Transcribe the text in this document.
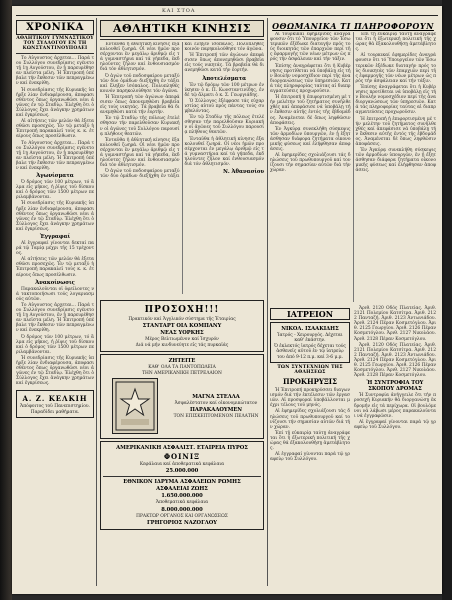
ΚΑΙ ΣΤΟΑ
ΧΡΟΝΙΚΑ
ΑΘΛΗΤΙΚΟΥ ΓΥΜΝΑΣΤΙΚΟΥ ΤΟΥ ΣΥΛΛΟΓΟΥ ΕΝ ΤΗ ΚΩΝΣΤΑΝΤΙΝΟΥΠΟΛΕΙ

Το Αὐγουστος ἀρχεται... Παρά του Συλλόγου συνεδρίασις εγένετο τῇ 1ῃ Αυγούστου, ἐν ᾗ παρευρέθησαν πλεῖστα μέλη. Ἡ Ἐπιτροπή ὑπέβαλε τήν ἔκθεσιν τῶν πεπραγμένων καί ἐνεκρίθη.

Ἡ συνεδρίασις τῆς Κυριακῆς ὑπῆρξε λίαν ἐνδιαφέρουσα, ἀποφασισθέντος ὅπως ὀργανωθῶσι νέοι ἀγῶνες ἐν τῷ Σταδίῳ. Ἐλέχθη ὅτι ὁ Σύλλογος ἔχει ἀνάγκην χρημάτων καί ἐγκρίσεως.

Αἱ αἰτήσεις τῶν μελῶν θά ἐξετασθῶσι προσεχῶς. Ἐν τῷ μεταξύ ἡ Ἐπιτροπή παρακαλεῖ τούς κ. κ. ἑταίρους ὅπως προσέλθωσιν.

Το Αὐγουστος ἀρχεται... Παρά του Συλλόγου συνεδρίασις εγένετο τῇ 1ῃ Αυγούστου, ἐν ᾗ παρευρέθησαν πλεῖστα μέλη. Ἡ Ἐπιτροπή ὑπέβαλε τήν ἔκθεσιν τῶν πεπραγμένων καί ἐνεκρίθη.

Ἀγωνίσματα

Ὁ δρόμος τῶν 100 μέτρων, τό ἅλμα εἰς μῆκος, ἡ ῥῖψις τοῦ δίσκου καί ὁ δρόμος τῶν 1500 μέτρων περιλαμβάνονται.

Ἡ συνεδρίασις τῆς Κυριακῆς ὑπῆρξε λίαν ἐνδιαφέρουσα, ἀποφασισθέντος ὅπως ὀργανωθῶσι νέοι ἀγῶνες ἐν τῷ Σταδίῳ. Ἐλέχθη ὅτι ὁ Σύλλογος ἔχει ἀνάγκην χρημάτων καί ἐγκρίσεως.

Ἐγγραφαί

Αἱ ἐγγραφαί γίνονται δεκταί παρά τῷ Ταμίᾳ μέχρι τῆς 15 τρέχοντος.

Αἱ αἰτήσεις τῶν μελῶν θά ἐξετασθῶσι προσεχῶς. Ἐν τῷ μεταξύ ἡ Ἐπιτροπή παρακαλεῖ τούς κ. κ. ἑταίρους ὅπως προσέλθωσιν.

Ἀνακοίνωσις

Παρακαλοῦνται οἱ ὀφείλοντες νά τακτοποιήσωσι τούς λογαριασμούς αὐτῶν.

Το Αὐγουστος ἀρχεται... Παρά του Συλλόγου συνεδρίασις εγένετο τῇ 1ῃ Αυγούστου, ἐν ᾗ παρευρέθησαν πλεῖστα μέλη. Ἡ Ἐπιτροπή ὑπέβαλε τήν ἔκθεσιν τῶν πεπραγμένων καί ἐνεκρίθη.

Ὁ δρόμος τῶν 100 μέτρων, τό ἅλμα εἰς μῆκος, ἡ ῥῖψις τοῦ δίσκου καί ὁ δρόμος τῶν 1500 μέτρων περιλαμβάνονται.

Ἡ συνεδρίασις τῆς Κυριακῆς ὑπῆρξε λίαν ἐνδιαφέρουσα, ἀποφασισθέντος ὅπως ὀργανωθῶσι νέοι ἀγῶνες ἐν τῷ Σταδίῳ. Ἐλέχθη ὅτι ὁ Σύλλογος ἔχει ἀνάγκην χρημάτων καί ἐγκρίσεως.

Α. Ζ. ΚΕΛΚΙΗ

Ἀπόφοιτος τοῦ Πανεπιστημίου. Παραδίδει μαθήματα.

ΑΘΛΗΤΙΚΗ ΚΙΝΗΣΙΣ

Ἐνταῦθα ἡ ἀθλητική κίνησις ἐξακολουθεῖ ζωηρά. Οἱ νέοι ἡμῶν προσέρχονται ἐν μεγάλῳ ἀριθμῷ εἰς τά γυμναστήρια καί τά γήπεδα, ἐκδηλοῦντες ζῆλον καί ἐνθουσιασμόν διά τόν ἀθλητισμόν.

Ὁ ἀγών τοῦ ποδοσφαίρου μεταξύ τῶν δύο ὁμάδων διεξήχθη ἐν τάξει καί ἔληξεν ἰσόπαλος. Πολυπληθές κοινόν παρηκολούθησε τόν ἀγῶνα.

Ἡ Ἐπιτροπή τῶν ἀγώνων ἀπεφάσισεν ὅπως ἀπονεμηθῶσι βραβεῖα εἰς τούς νικητάς. Τά βραβεῖα θά διανεμηθῶσι κατά τήν ἑορτήν.

Ἐν τῷ Σταδίῳ τῆς πόλεως ἐτελέσθησαν τήν παρελθοῦσαν Κυριακήν οἱ ἀγῶνες τοῦ Συλλόγου παρουσίᾳ πλήθους θεατῶν.

Ἐνταῦθα ἡ ἀθλητική κίνησις ἐξακολουθεῖ ζωηρά. Οἱ νέοι ἡμῶν προσέρχονται ἐν μεγάλῳ ἀριθμῷ εἰς τά γυμναστήρια καί τά γήπεδα, ἐκδηλοῦντες ζῆλον καί ἐνθουσιασμόν διά τόν ἀθλητισμόν.

Ὁ ἀγών τοῦ ποδοσφαίρου μεταξύ τῶν δύο ὁμάδων διεξήχθη ἐν τάξει καί ἔληξεν ἰσόπαλος. Πολυπληθές κοινόν παρηκολούθησε τόν ἀγῶνα.

Ἡ Ἐπιτροπή τῶν ἀγώνων ἀπεφάσισεν ὅπως ἀπονεμηθῶσι βραβεῖα εἰς τούς νικητάς. Τά βραβεῖα θά διανεμηθῶσι κατά τήν ἑορτήν.

Ἀποτελέσματα

Ἐν τῷ δρόμῳ τῶν 100 μέτρων ἐνίκησεν ὁ κ. Π. Κωνσταντινίδης, ἐν δέ τῷ ἅλματι ὁ κ. Σ. Γεωργιάδης.

Ὁ Σύλλογος ἐξέφρασε τάς εὐχαριστίας αὐτοῦ πρός πάντας τούς συμβαλόντας.

Ἐν τῷ Σταδίῳ τῆς πόλεως ἐτελέσθησαν τήν παρελθοῦσαν Κυριακήν οἱ ἀγῶνες τοῦ Συλλόγου παρουσίᾳ πλήθους θεατῶν.

Ἐνταῦθα ἡ ἀθλητική κίνησις ἐξακολουθεῖ ζωηρά. Οἱ νέοι ἡμῶν προσέρχονται ἐν μεγάλῳ ἀριθμῷ εἰς τά γυμναστήρια καί τά γήπεδα, ἐκδηλοῦντες ζῆλον καί ἐνθουσιασμόν διά τόν ἀθλητισμόν.

Ν. Ἀθανασίου
ΠΡΟΣΟΧΗ!!!

Πρακτικόν καί Ἀγγλικόν σύστημα τῆς Ἑταιρίας

ΣΤΑΝΤΑΡΤ ΟΙΛ ΚΟΜΠΑΝΥ
ΝΕΑΣ ΥΟΡΚΗΣ

Μέρος Βελτιωμένον καί Ἰσχυρόν

Διά νά μήν κινδυνεύητε εἰς τάς πυρκαϊάς

ΖΗΤΕΙΤΕ

ΚΑΘ' ΟΛΑ ΤΑ ΠΑΝΤΟΠΩΛΕΙΑ

ΤΗΝ ΑΜΕΡΙΚΑΝΙΚΗ ΠΕΤΡΕΛΑΙΟΝ

ΜΑΓΝΑ ΣΤΕΛΛΑ

Ἀσφαλέστατον καί οἰκονομικώτατον

ΠΑΡΑΚΑΛΟΥΜΕΝ

ΤΟΝ ΕΠΙΣΚΕΠΤΟΜΕΝΟΝ ΠΕΛΑΤΗΝ

ΑΜΕΡΙΚΑΝΙΚΗ ΑΣΦΑΛΙΣΤ. ΕΤΑΙΡΕΙΑ ΠΥΡΟΣ
ΦΟΙΝΙΞ

Κεφάλαια καί ἀποθεματικά κεφάλαια

25.000.000
ΕΘΝΙΚΟΝ ΙΔΡΥΜΑ ΑΣΦΑΛΕΙΩΝ ΡΩΜΗΣ
ΑΣΦΑΛΕΙΑΙ ΖΩΗΣ
1.650.000.000

Ἀποθεματικά κεφάλαια

8.000.000.000

ΠΡΑΚΤΩΡ ΟΡΓΑΝΟΣ ΚΑΙ ΟΡΓΑΝΩΣΕΩΣ

ΓΡΗΓΟΡΙΟΣ ΝΑΖΟΓΛΟΥ
ΟΘΩΜΑΝΙΚΑ ΤΙ ΠΛΗΡΟΦΟΡΟΥΝ

Αἱ τουρκικαί ἐφημερίδες ἀναγράφουσιν ὅτι τό Ὑπουργεῖον τῶν Ἐσωτερικῶν ἐξέδωκε διαταγήν πρός τούς διοικητάς τῶν ἐπαρχιῶν περί τῆς ἐφαρμογῆς τῶν νέων μέτρων ὡς πρός τήν ἀσφάλειαν καί τήν τάξιν.

Ἐπίσης ἀναγράφεται ὅτι ἡ Κυβέρνησις προτίθεται νά ὑποβάλῃ εἰς τήν Βουλήν νομοσχέδιον περί τῆς ἀναδιοργανώσεως τῶν ὑπηρεσιῶν. Κατά τάς πληροφορίας ταύτας αἱ διαπραγματεύσεις προχωροῦσιν.

Ἡ ἐπιτροπή ἡ ἐπιφορτισμένη μέ τήν μελέτην τοῦ ζητήματος συνῆλθε χθές καί ἀπεφάσισε νά ὑποβάλῃ τήν ἔκθεσιν αὐτῆς ἐντός τῆς ἑβδομάδος. Ἀναμένεται δέ ὅπως ληφθῶσιν ἀποφάσεις.

Ἐν Ἀγκύρᾳ συνεκλήθη σύσκεψις τῶν ἁρμοδίων ὑπουργῶν, ἐν ᾗ ἐξητάσθησαν διάφορα ζητήματα οἰκονομικῆς φύσεως καί ἐλήφθησαν ἀποφάσεις.

Αἱ ἐφημερίδες σχολιάζουσι τάς δηλώσεις τοῦ πρωθυπουργοῦ καί τονίζουσι τήν σημασίαν αὐτῶν διά τήν χώραν.

Ἐπί τῇ εὐκαιρίᾳ ταύτῃ ἀναγράφεται ὅτι ἡ ἐξωτερική πολιτική τῆς χώρας θά ἐξακολουθήσῃ ἀμετάβλητος.

Αἱ τουρκικαί ἐφημερίδες ἀναγράφουσιν ὅτι τό Ὑπουργεῖον τῶν Ἐσωτερικῶν ἐξέδωκε διαταγήν πρός τούς διοικητάς τῶν ἐπαρχιῶν περί τῆς ἐφαρμογῆς τῶν νέων μέτρων ὡς πρός τήν ἀσφάλειαν καί τήν τάξιν.

Ἐπίσης ἀναγράφεται ὅτι ἡ Κυβέρνησις προτίθεται νά ὑποβάλῃ εἰς τήν Βουλήν νομοσχέδιον περί τῆς ἀναδιοργανώσεως τῶν ὑπηρεσιῶν. Κατά τάς πληροφορίας ταύτας αἱ διαπραγματεύσεις προχωροῦσιν.

Ἡ ἐπιτροπή ἡ ἐπιφορτισμένη μέ τήν μελέτην τοῦ ζητήματος συνῆλθε χθές καί ἀπεφάσισε νά ὑποβάλῃ τήν ἔκθεσιν αὐτῆς ἐντός τῆς ἑβδομάδος. Ἀναμένεται δέ ὅπως ληφθῶσιν ἀποφάσεις.

Ἐν Ἀγκύρᾳ συνεκλήθη σύσκεψις τῶν ἁρμοδίων ὑπουργῶν, ἐν ᾗ ἐξητάσθησαν διάφορα ζητήματα οἰκονομικῆς φύσεως καί ἐλήφθησαν ἀποφάσεις.

ΙΑΤΡΕΙΟΝ
ΝΙΚΟΛ. ΙΣΑΑΚΙΔΗΣ

Ἰατρός - Χειρουργός. Δέχεται καθ' ἑκάστην.

Ὁ ἐκλεκτός ἰατρός δέχεται τούς ἀσθενεῖς αὐτοῦ ἐν τῷ ἰατρείῳ του ἀπό 9-12 π.μ. καί 3-6 μ.μ.

ΤΩΝ ΣΥΝΤΕΧΝΙΩΝ ΤΗΣ ΑΘΛΗΣΕΩΣ
ΠΡΟΚΗΡΥΞΙΣ

Ἡ Ἐπιτροπή προκηρύσσει διαγωνισμόν διά τήν ἐκτέλεσιν τῶν ἐργασιῶν. Αἱ προσφοραί ὑποβάλλονται μέχρι τέλους τοῦ μηνός.

Αἱ ἐφημερίδες σχολιάζουσι τάς δηλώσεις τοῦ πρωθυπουργοῦ καί τονίζουσι τήν σημασίαν αὐτῶν διά τήν χώραν.

Ἐπί τῇ εὐκαιρίᾳ ταύτῃ ἀναγράφεται ὅτι ἡ ἐξωτερική πολιτική τῆς χώρας θά ἐξακολουθήσῃ ἀμετάβλητος.

Αἱ ἐγγραφαί γίνονται παρά τῷ γραφείῳ τοῦ Συλλόγου.

Ἀριθ. 2120 Οδός Πλατείας. Ἀριθ. 2121 Πολεμίου Κατσίτρα. Ἀριθ. 2122 Πανταζή. Ἀριθ. 2123 Ἀντωνιάδου. Ἀριθ. 2124 Πέραν Κοσμετόγλου. Ἀριθ. 2125 Γεωργίου. Ἀριθ. 2126 Πέραν Κοσμετόγλου. Ἀριθ. 2127 Νικολάου. Ἀριθ. 2128 Πέραν Κοσμετόγλου.

Ἀριθ. 2120 Οδός Πλατείας. Ἀριθ. 2121 Πολεμίου Κατσίτρα. Ἀριθ. 2122 Πανταζή. Ἀριθ. 2123 Ἀντωνιάδου. Ἀριθ. 2124 Πέραν Κοσμετόγλου. Ἀριθ. 2125 Γεωργίου. Ἀριθ. 2126 Πέραν Κοσμετόγλου. Ἀριθ. 2127 Νικολάου. Ἀριθ. 2128 Πέραν Κοσμετόγλου.

Ἡ ΣΥΝΤΡΟΦΙΑ ΤΟΥ ΣΚΟΠΟΥ ΔΡΟΜΑΣ

Ἡ Συντροφία ἀνήγγειλε ὅτι τήν προσεχῆ Κυριακήν θά διοργανώσῃ ἐκδρομήν εἰς τά περίχωρα. Οἱ βουλόμενοι νά λάβωσι μέρος παρακαλοῦνται νά ἐγγραφῶσιν.

Αἱ ἐγγραφαί γίνονται παρά τῷ γραφείῳ τοῦ Συλλόγου.
